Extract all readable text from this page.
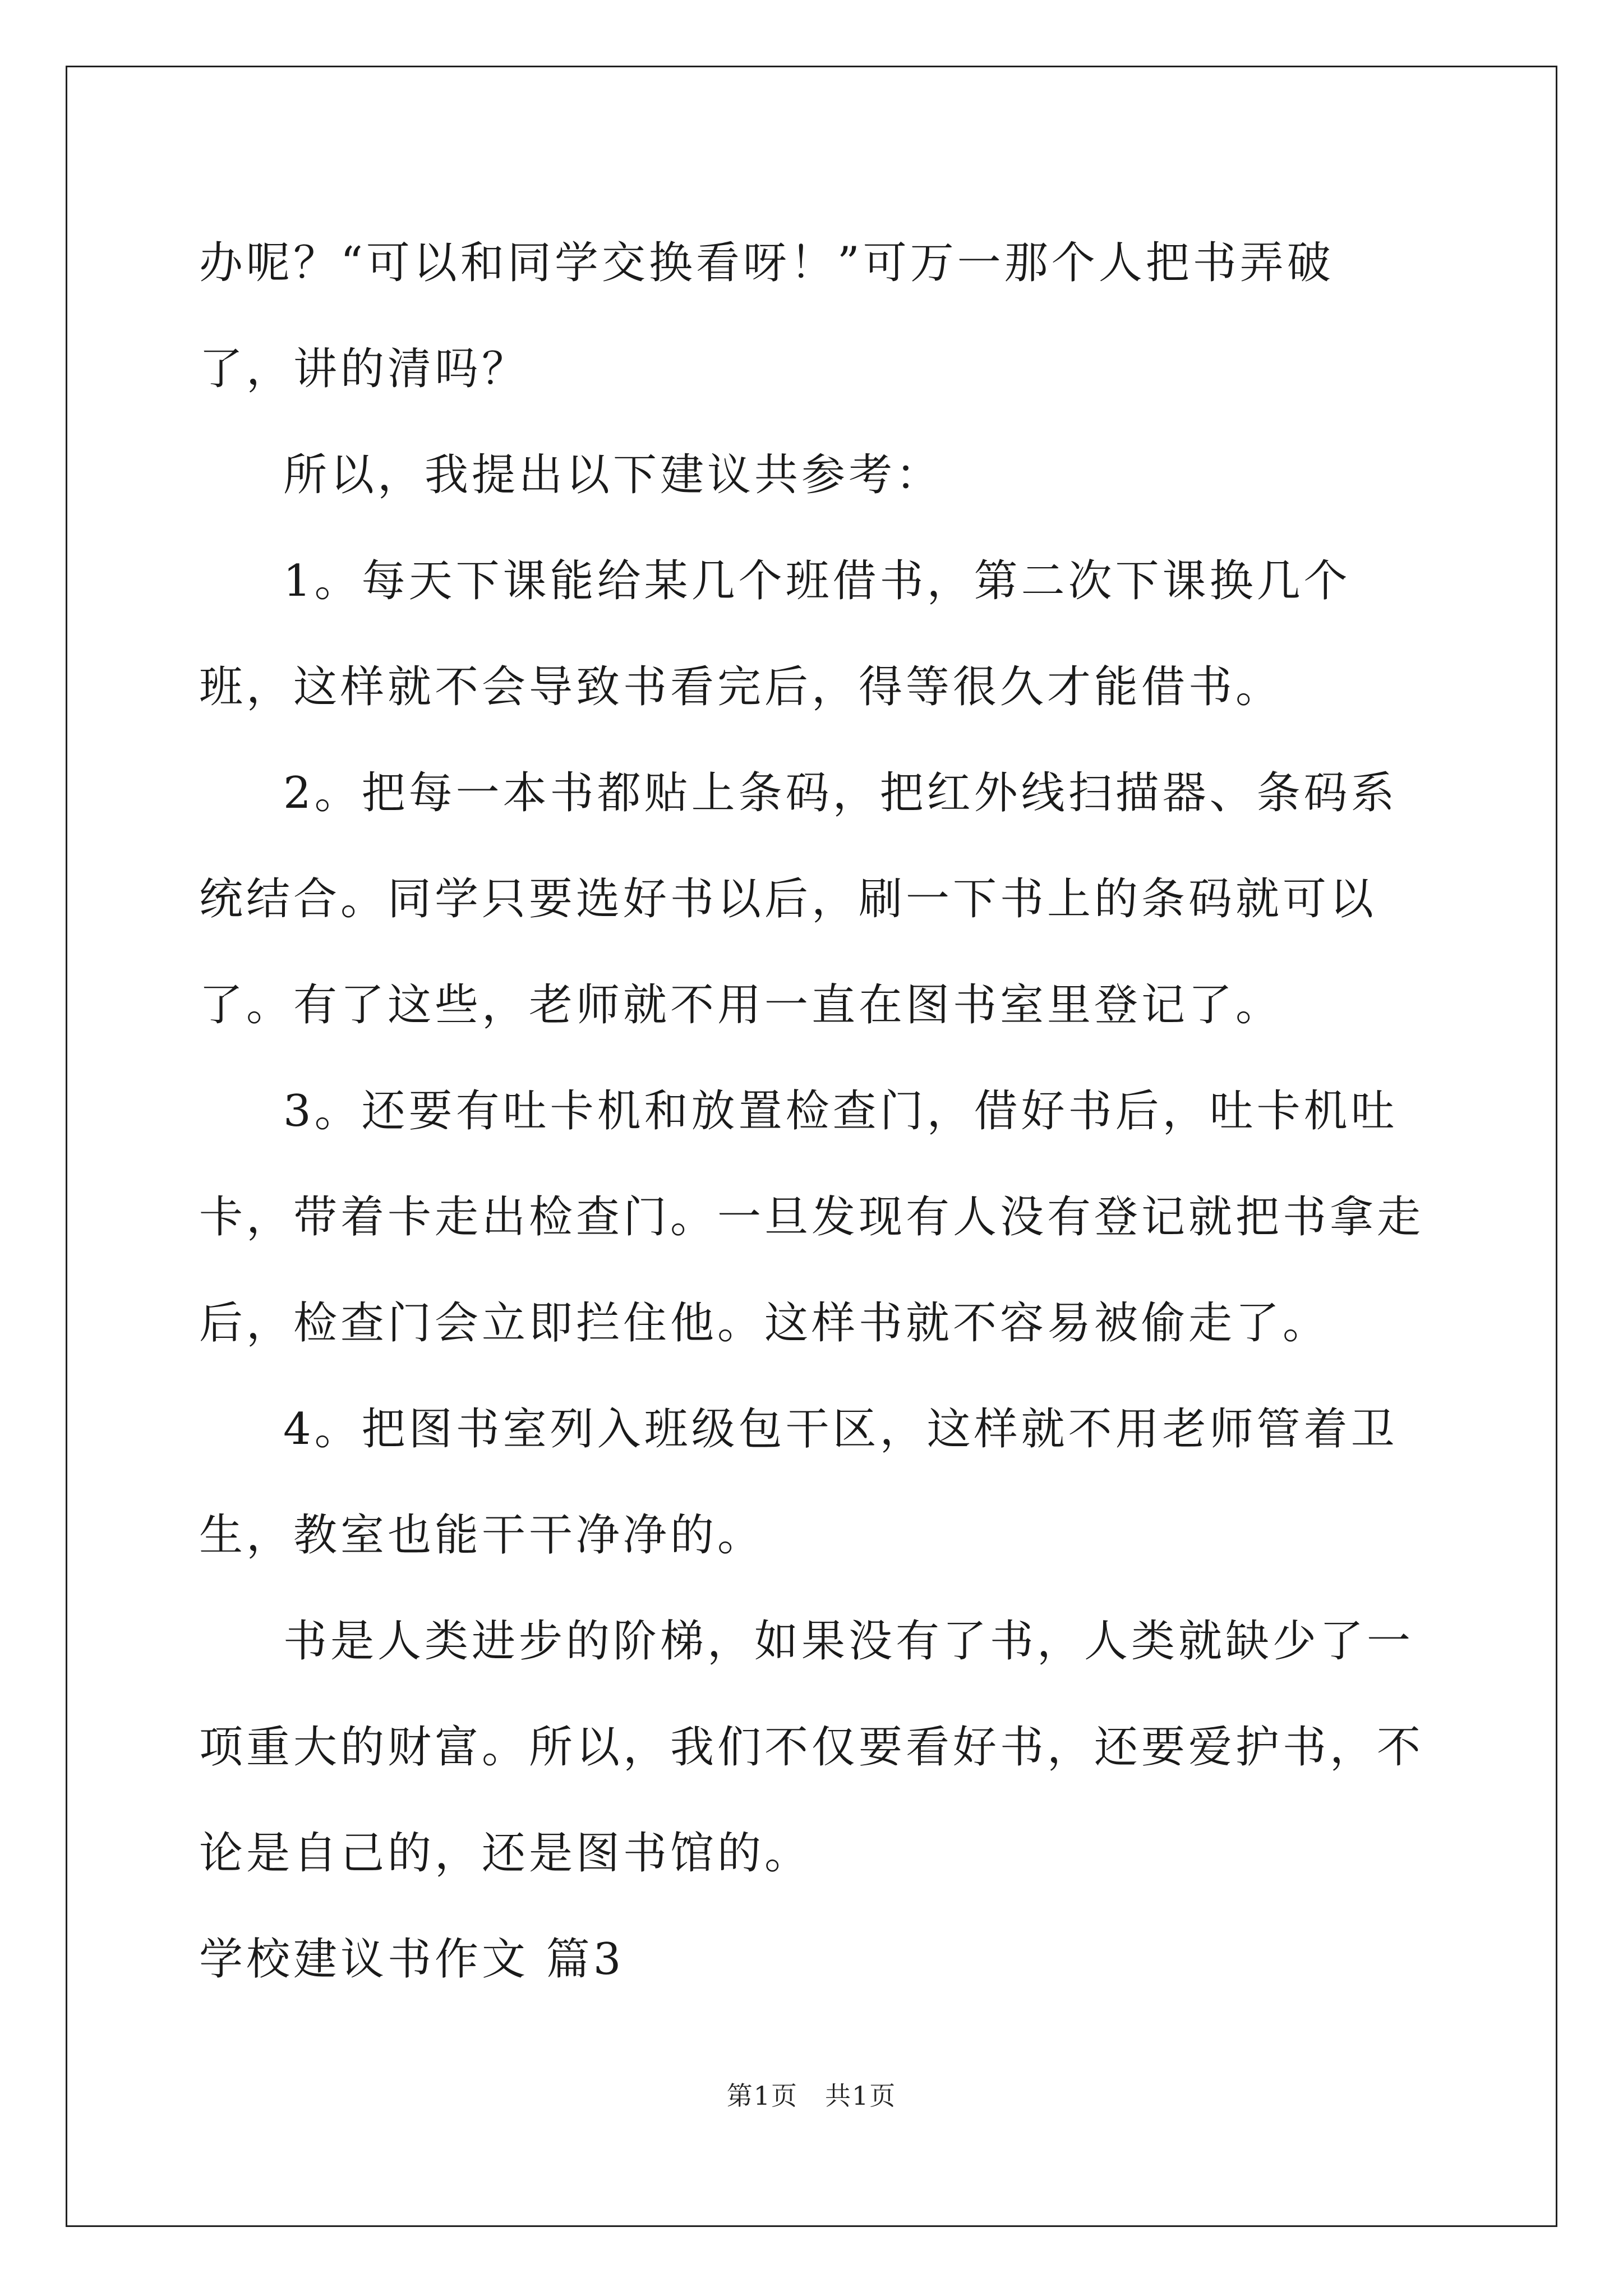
办呢？“可以和同学交换看呀！”可万一那个人把书弄破了，讲的清吗？

所以，我提出以下建议共参考：

1。每天下课能给某几个班借书，第二次下课换几个班，这样就不会导致书看完后，得等很久才能借书。

2。把每一本书都贴上条码，把红外线扫描器、条码系统结合。同学只要选好书以后，刷一下书上的条码就可以了。有了这些，老师就不用一直在图书室里登记了。

3。还要有吐卡机和放置检查门，借好书后，吐卡机吐卡，带着卡走出检查门。一旦发现有人没有登记就把书拿走后，检查门会立即拦住他。这样书就不容易被偷走了。

4。把图书室列入班级包干区，这样就不用老师管着卫生，教室也能干干净净的。

书是人类进步的阶梯，如果没有了书，人类就缺少了一项重大的财富。所以，我们不仅要看好书，还要爱护书，不论是自己的，还是图书馆的。

学校建议书作文 篇3

第1页　共1页
